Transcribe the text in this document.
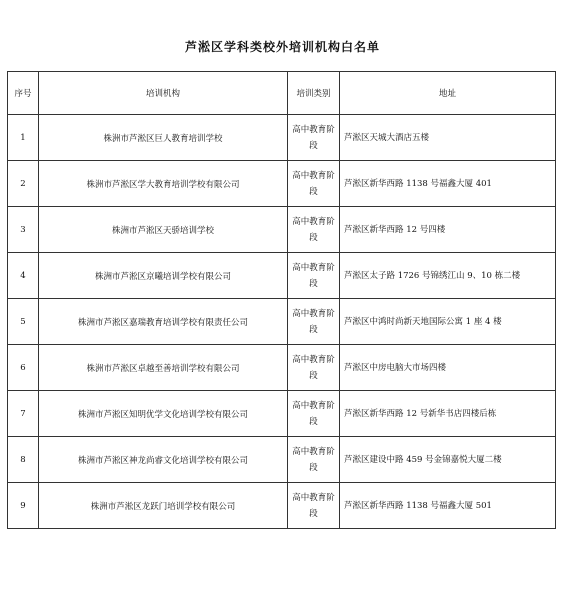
芦淞区学科类校外培训机构白名单
序号	培训机构	培训类别	地址
1	株洲市芦淞区巨人教育培训学校	高中教育阶段	芦淞区天城大酒店五楼
2	株洲市芦淞区学大教育培训学校有限公司	高中教育阶段	芦淞区新华西路 1138 号福鑫大厦 401
3	株洲市芦淞区天骄培训学校	高中教育阶段	芦淞区新华西路 12 号四楼
4	株洲市芦淞区京曦培训学校有限公司	高中教育阶段	芦淞区太子路 1726 号锦绣江山 9、10 栋二楼
5	株洲市芦淞区嘉瑞教育培训学校有限责任公司	高中教育阶段	芦淞区中鸿时尚新天地国际公寓 1 座 4 楼
6	株洲市芦淞区卓越至善培训学校有限公司	高中教育阶段	芦淞区中房电脑大市场四楼
7	株洲市芦淞区知明优学文化培训学校有限公司	高中教育阶段	芦淞区新华西路 12 号新华书店四楼后栋
8	株洲市芦淞区神龙尚睿文化培训学校有限公司	高中教育阶段	芦淞区建设中路 459 号金锦嘉悦大厦二楼
9	株洲市芦淞区龙跃门培训学校有限公司	高中教育阶段	芦淞区新华西路 1138 号福鑫大厦 501
